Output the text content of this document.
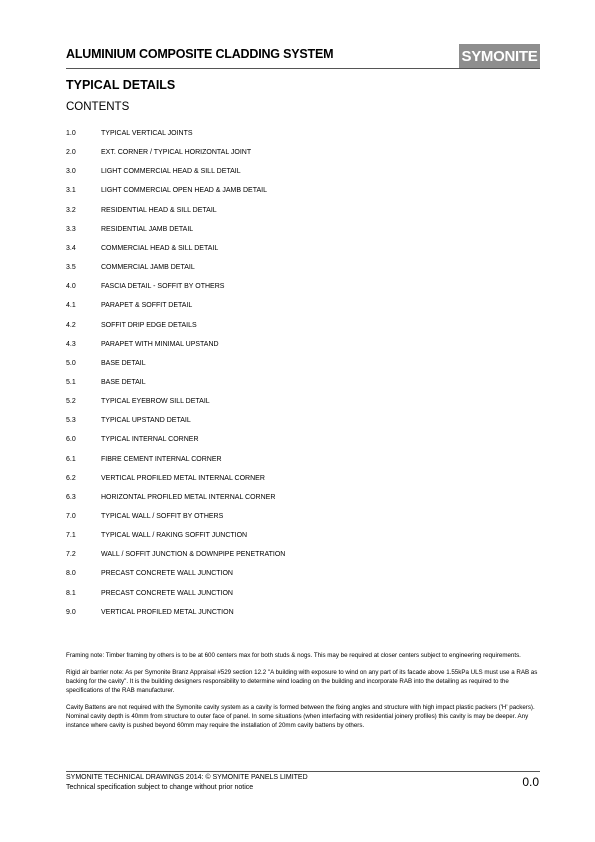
ALUMINIUM COMPOSITE CLADDING SYSTEM	SYMONITE
TYPICAL DETAILS
CONTENTS
1.0	TYPICAL VERTICAL JOINTS
2.0	EXT. CORNER / TYPICAL HORIZONTAL JOINT
3.0	LIGHT COMMERCIAL HEAD & SILL DETAIL
3.1	LIGHT COMMERCIAL OPEN HEAD & JAMB DETAIL
3.2	RESIDENTIAL HEAD & SILL DETAIL
3.3	RESIDENTIAL JAMB DETAIL
3.4	COMMERCIAL HEAD & SILL DETAIL
3.5	COMMERCIAL JAMB DETAIL
4.0	FASCIA DETAIL - SOFFIT BY OTHERS
4.1	PARAPET & SOFFIT DETAIL
4.2	SOFFIT DRIP EDGE DETAILS
4.3	PARAPET WITH MINIMAL UPSTAND
5.0	BASE DETAIL
5.1	BASE DETAIL
5.2	TYPICAL EYEBROW SILL DETAIL
5.3	TYPICAL UPSTAND DETAIL
6.0	TYPICAL INTERNAL CORNER
6.1	FIBRE CEMENT INTERNAL CORNER
6.2	VERTICAL PROFILED METAL INTERNAL CORNER
6.3	HORIZONTAL PROFILED METAL INTERNAL CORNER
7.0	TYPICAL WALL / SOFFIT BY OTHERS
7.1	TYPICAL WALL / RAKING SOFFIT JUNCTION
7.2	WALL / SOFFIT JUNCTION & DOWNPIPE PENETRATION
8.0	PRECAST CONCRETE WALL JUNCTION
8.1	PRECAST CONCRETE WALL JUNCTION
9.0	VERTICAL PROFILED METAL JUNCTION

Framing note: Timber framing by others is to be at 600 centers max for both studs & nogs. This may be required at closer centers subject to engineering requirements.

Rigid air barrier note: As per Symonite Branz Appraisal #529 section 12.2 "A building with exposure to wind on any part of its facade above 1.55kPa ULS must use a RAB as backing for the cavity". It is the building designers responsibility to determine wind loading on the building and incorporate RAB into the detailing as required to the specifications of the RAB manufacturer.

Cavity Battens are not required with the Symonite cavity system as a cavity is formed between the fixing angles and structure with high impact plastic packers ('H' packers). Nominal cavity depth is 40mm from structure to outer face of panel. In some situations (when interfacing with residential joinery profiles) this cavity is may be deeper. Any instance where cavity is pushed beyond 60mm may require the installation of 20mm cavity battens by others.

SYMONITE TECHNICAL DRAWINGS 2014: © SYMONITE PANELS LIMITED
Technical specification subject to change without prior notice	0.0
